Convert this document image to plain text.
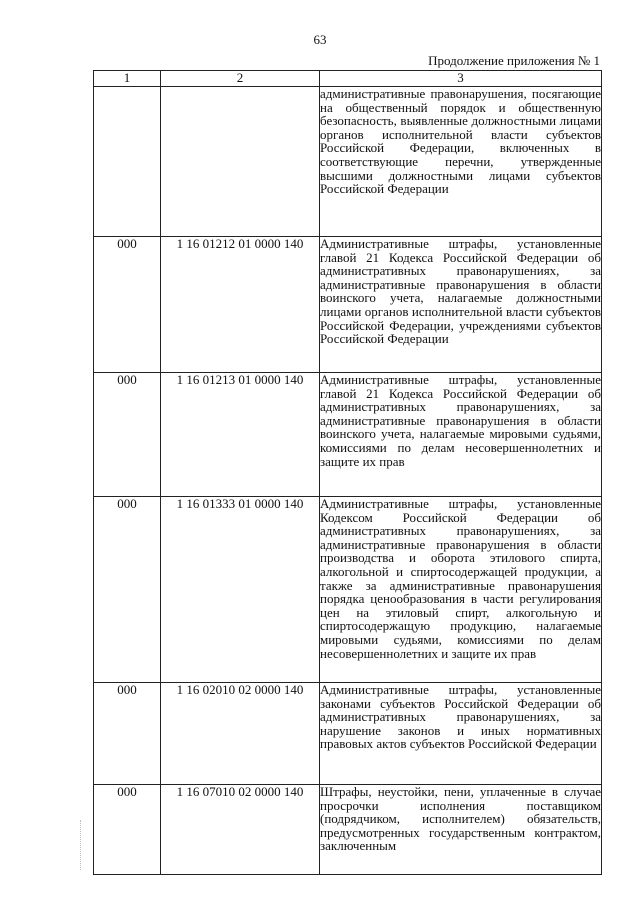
63
Продолжение приложения № 1
1	2	3
		административные правонарушения, посягающие на общественный порядок и общественную безопасность, выявленные должностными лицами органов исполнительной власти субъектов Российской Федерации, включенных в соответствующие перечни, утвержденные высшими должностными лицами субъектов Российской Федерации
000	1 16 01212 01 0000 140	Административные штрафы, установленные главой 21 Кодекса Российской Федерации об административных правонарушениях, за административные правонарушения в области воинского учета, налагаемые должностными лицами органов исполнительной власти субъектов Российской Федерации, учреждениями субъектов Российской Федерации
000	1 16 01213 01 0000 140	Административные штрафы, установленные главой 21 Кодекса Российской Федерации об административных правонарушениях, за административные правонарушения в области воинского учета, налагаемые мировыми судьями, комиссиями по делам несовершеннолетних и защите их прав
000	1 16 01333 01 0000 140	Административные штрафы, установленные Кодексом Российской Федерации об административных правонарушениях, за административные правонарушения в области производства и оборота этилового спирта, алкогольной и спиртосодержащей продукции, а также за административные правонарушения порядка ценообразования в части регулирования цен на этиловый спирт, алкогольную и спиртосодержащую продукцию, налагаемые мировыми судьями, комиссиями по делам несовершеннолетних и защите их прав
000	1 16 02010 02 0000 140	Административные штрафы, установленные законами субъектов Российской Федерации об административных правонарушениях, за нарушение законов и иных нормативных правовых актов субъектов Российской Федерации
000	1 16 07010 02 0000 140	Штрафы, неустойки, пени, уплаченные в случае просрочки исполнения поставщиком (подрядчиком, исполнителем) обязательств, предусмотренных государственным контрактом, заключенным
